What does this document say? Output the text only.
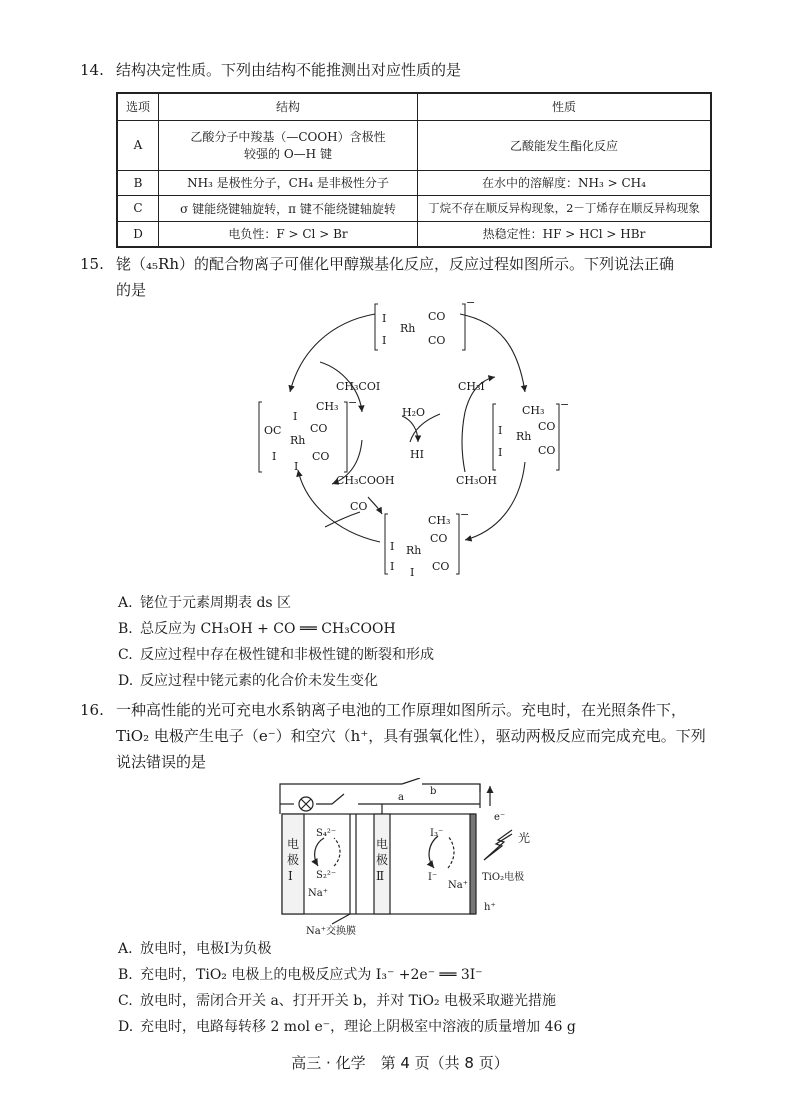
14. 结构决定性质。下列由结构不能推测出对应性质的是
选项	结构	性质
A	乙酸分子中羧基（—COOH）含极性
较强的 O—H 键	乙酸能发生酯化反应
B	NH₃ 是极性分子，CH₄ 是非极性分子	在水中的溶解度：NH₃ > CH₄
C	σ 键能绕键轴旋转，π 键不能绕键轴旋转	丁烷不存在顺反异构现象，2－丁烯存在顺反异构现象
D	电负性：F > Cl > Br	热稳定性：HF > HCl > HBr
15. 铑（₄₅Rh）的配合物离子可催化甲醇羰基化反应，反应过程如图所示。下列说法正确
的是
I
I
Rh
CO
CO
−
I
CH₃
CO
OC
Rh
I
I
CO
−
CH₃
I Rh
CO
I	CO
−
CH₃
CO
I Rh
I I CO
−
CH₃COI	CH₃I
H₂O
HI
CH₃COOH	CH₃OH
CO
A. 铑位于元素周期表 ds 区
B. 总反应为 CH₃OH + CO ══ CH₃COOH
C. 反应过程中存在极性键和非极性键的断裂和形成
D. 反应过程中铑元素的化合价未发生变化
16. 一种高性能的光可充电水系钠离子电池的工作原理如图所示。充电时，在光照条件下，
TiO₂ 电极产生电子（e⁻）和空穴（h⁺，具有强氧化性），驱动两极反应而完成充电。下列
说法错误的是
a
a
b
e⁻
光
电
极
Ⅰ
电
极
Ⅱ
S₄²⁻
S₂²⁻
I₃⁻
I⁻
Na⁺
Na⁺
TiO₂电极
h⁺
Na⁺交换膜
A. 放电时，电极Ⅰ为负极
B. 充电时，TiO₂ 电极上的电极反应式为 I₃⁻ +2e⁻ ══ 3I⁻
C. 放电时，需闭合开关 a、打开开关 b，并对 TiO₂ 电极采取避光措施
D. 充电时，电路每转移 2 mol e⁻，理论上阴极室中溶液的质量增加 46 g
高三 · 化学　第 4 页（共 8 页）
